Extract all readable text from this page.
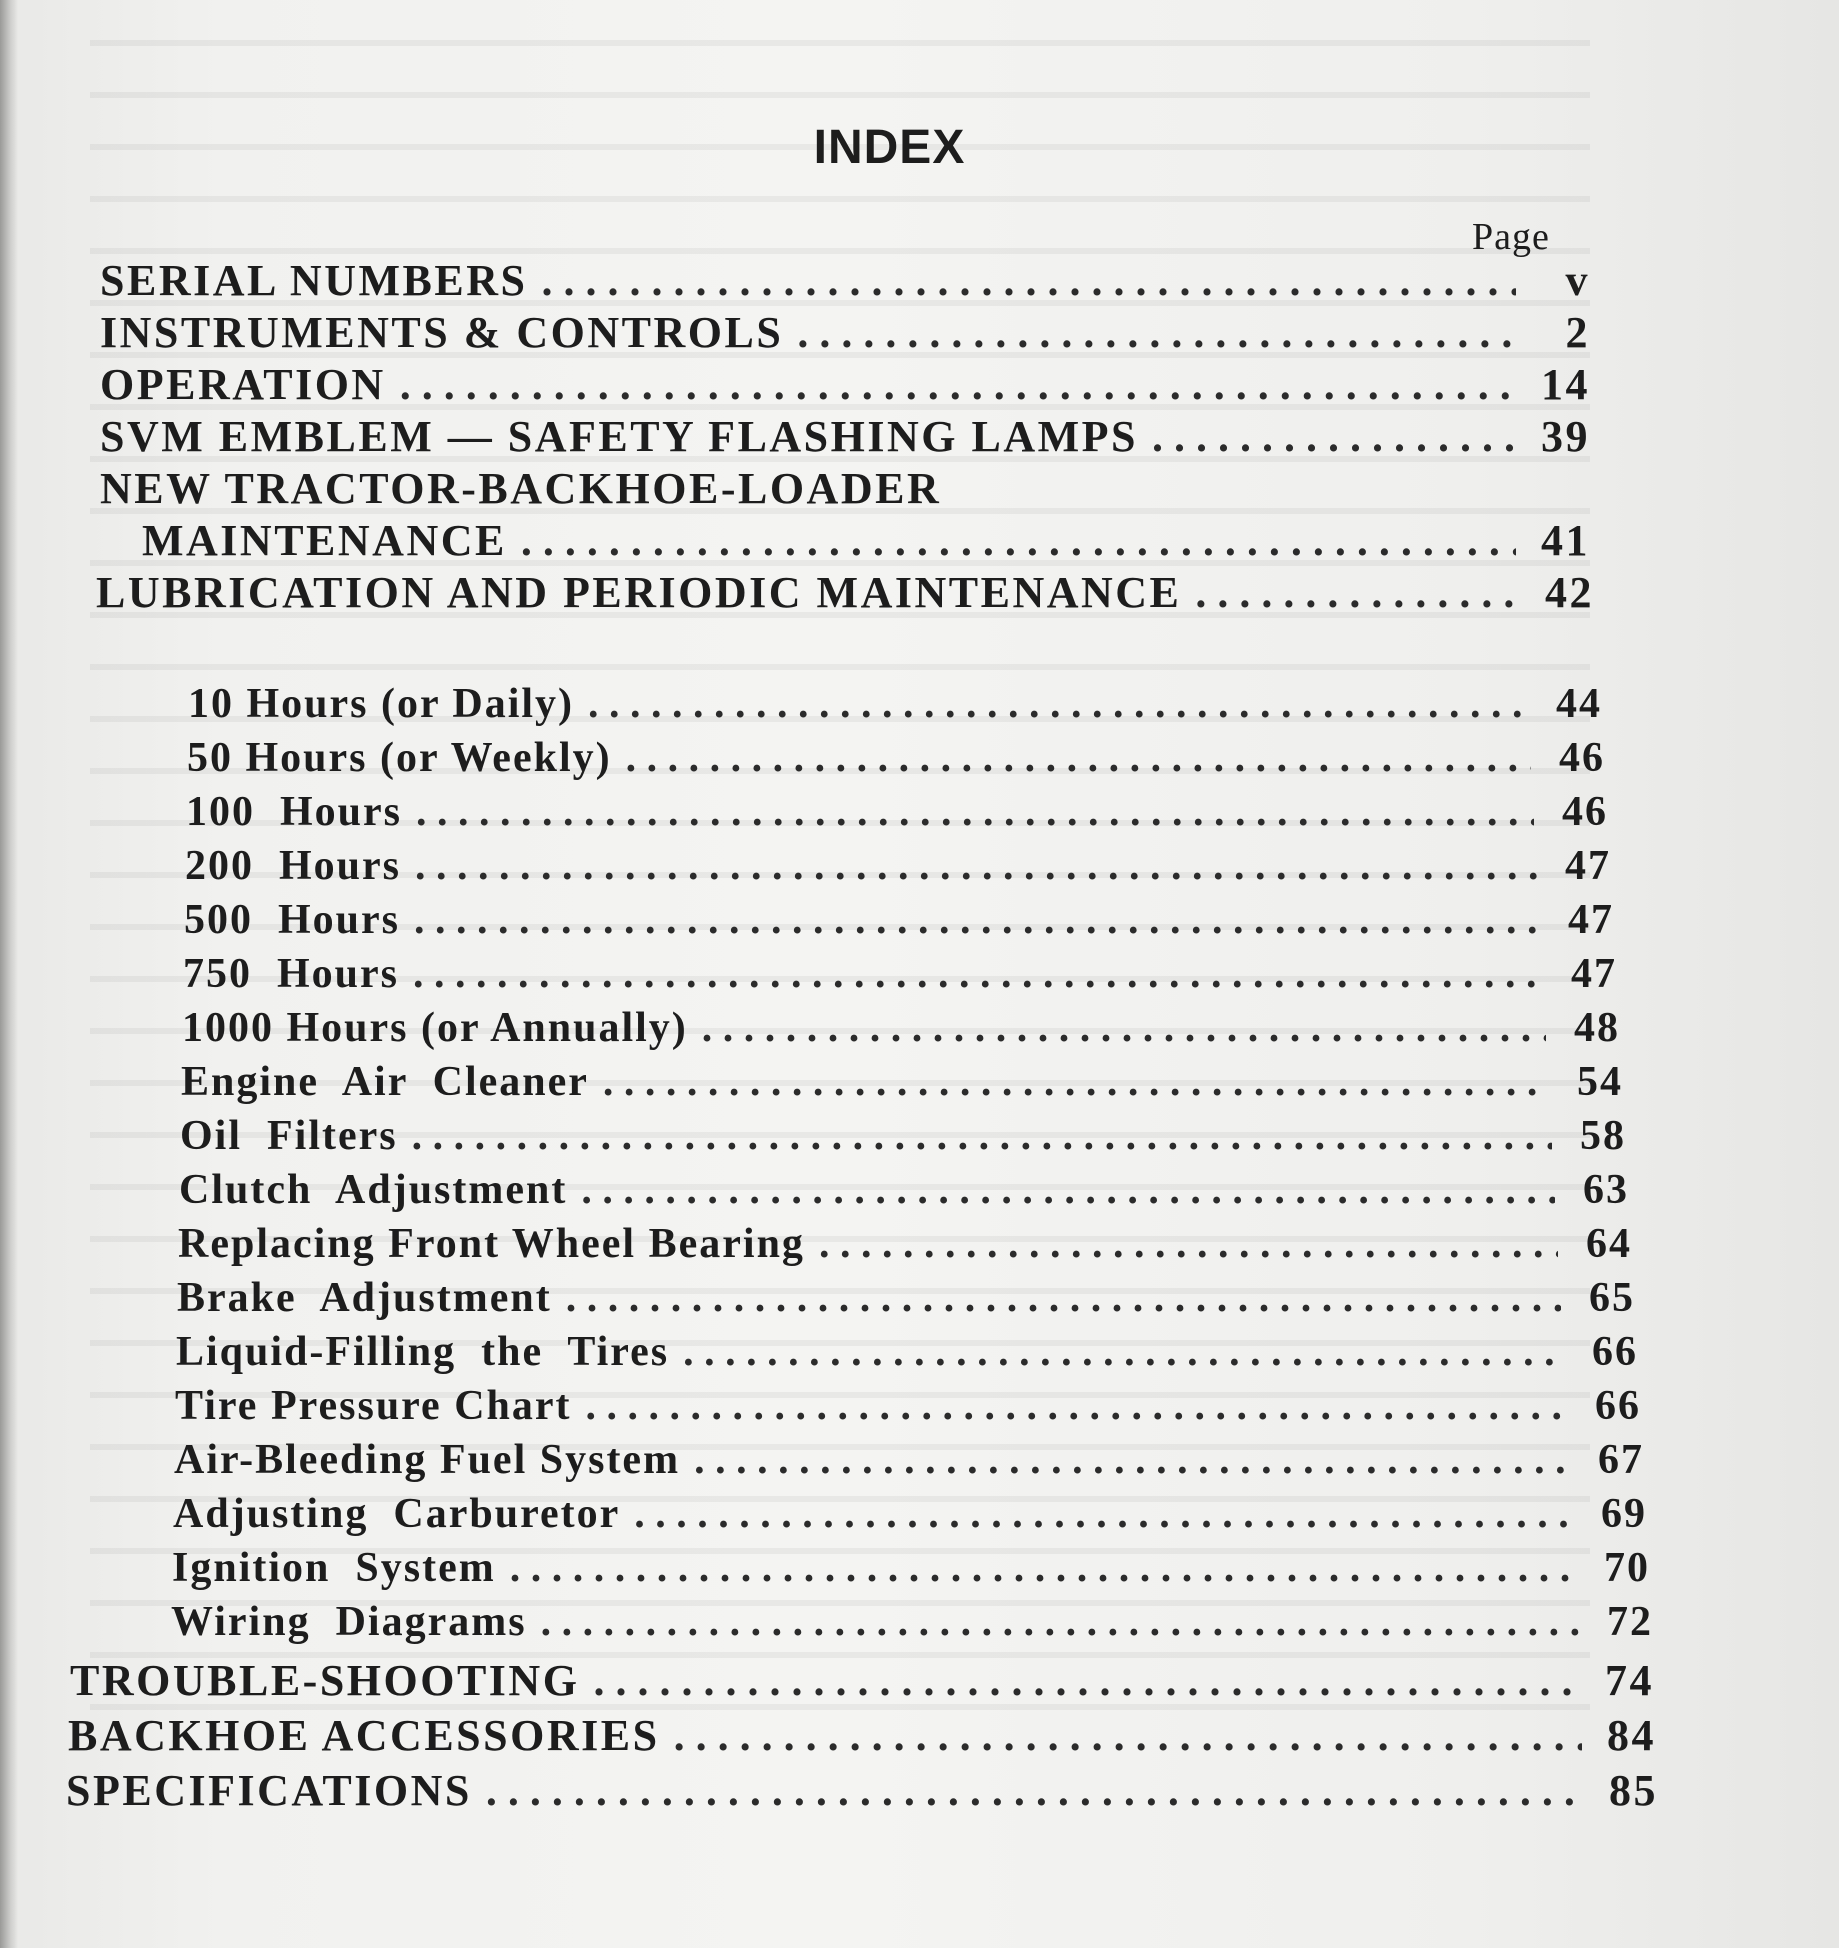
INDEX
Page
SERIAL NUMBERS . . .	v
INSTRUMENTS & CONTROLS . . .	2
OPERATION . . .	14
SVM EMBLEM — SAFETY FLASHING LAMPS . . .	39
NEW TRACTOR-BACKHOE-LOADER
MAINTENANCE . . .	41
LUBRICATION AND PERIODIC MAINTENANCE . . .	42
10 Hours (or Daily) . . .	44
50 Hours (or Weekly) . . .	46
100  Hours . . .	46
200  Hours . . .	47
500  Hours . . .	47
750  Hours . . .	47
1000 Hours (or Annually) . . .	48
Engine  Air  Cleaner . . .	54
Oil  Filters . . .	58
Clutch  Adjustment . . .	63
Replacing Front Wheel Bearing . . .	64
Brake  Adjustment . . .	65
Liquid-Filling  the  Tires . . .	66
Tire Pressure Chart . . .	66
Air-Bleeding Fuel System . . .	67
Adjusting  Carburetor . . .	69
Ignition  System . . .	70
Wiring  Diagrams . . .	72
TROUBLE-SHOOTING . . .	74
BACKHOE ACCESSORIES . . .	84
SPECIFICATIONS . . .	85
